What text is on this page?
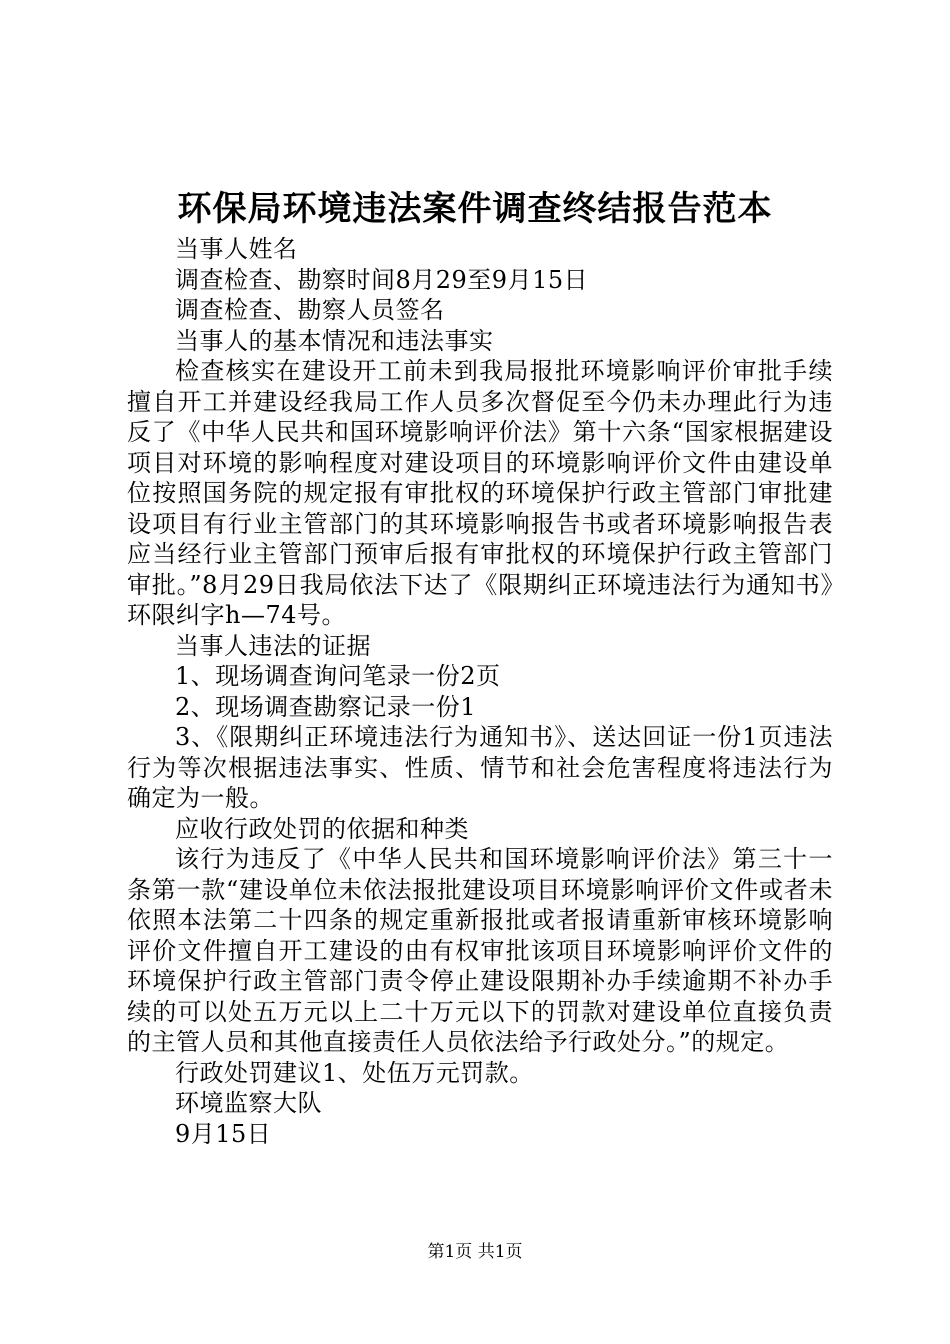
环保局环境违法案件调查终结报告范本

当事人姓名

调查检查、勘察时间8月29至9月15日

调查检查、勘察人员签名

当事人的基本情况和违法事实

检查核实在建设开工前未到我局报批环境影响评价审批手续擅自开工并建设经我局工作人员多次督促至今仍未办理此行为违反了《中华人民共和国环境影响评价法》第十六条“国家根据建设项目对环境的影响程度对建设项目的环境影响评价文件由建设单位按照国务院的规定报有审批权的环境保护行政主管部门审批建设项目有行业主管部门的其环境影响报告书或者环境影响报告表应当经行业主管部门预审后报有审批权的环境保护行政主管部门审批。”8月29日我局依法下达了《限期纠正环境违法行为通知书》环限纠字h—74号。

当事人违法的证据

1、现场调查询问笔录一份2页

2、现场调查勘察记录一份1

3、《限期纠正环境违法行为通知书》、送达回证一份1页违法行为等次根据违法事实、性质、情节和社会危害程度将违法行为确定为一般。

应收行政处罚的依据和种类

该行为违反了《中华人民共和国环境影响评价法》第三十一条第一款“建设单位未依法报批建设项目环境影响评价文件或者未依照本法第二十四条的规定重新报批或者报请重新审核环境影响评价文件擅自开工建设的由有权审批该项目环境影响评价文件的环境保护行政主管部门责令停止建设限期补办手续逾期不补办手续的可以处五万元以上二十万元以下的罚款对建设单位直接负责的主管人员和其他直接责任人员依法给予行政处分。”的规定。

行政处罚建议1、处伍万元罚款。

环境监察大队

9月15日

第1页 共1页
